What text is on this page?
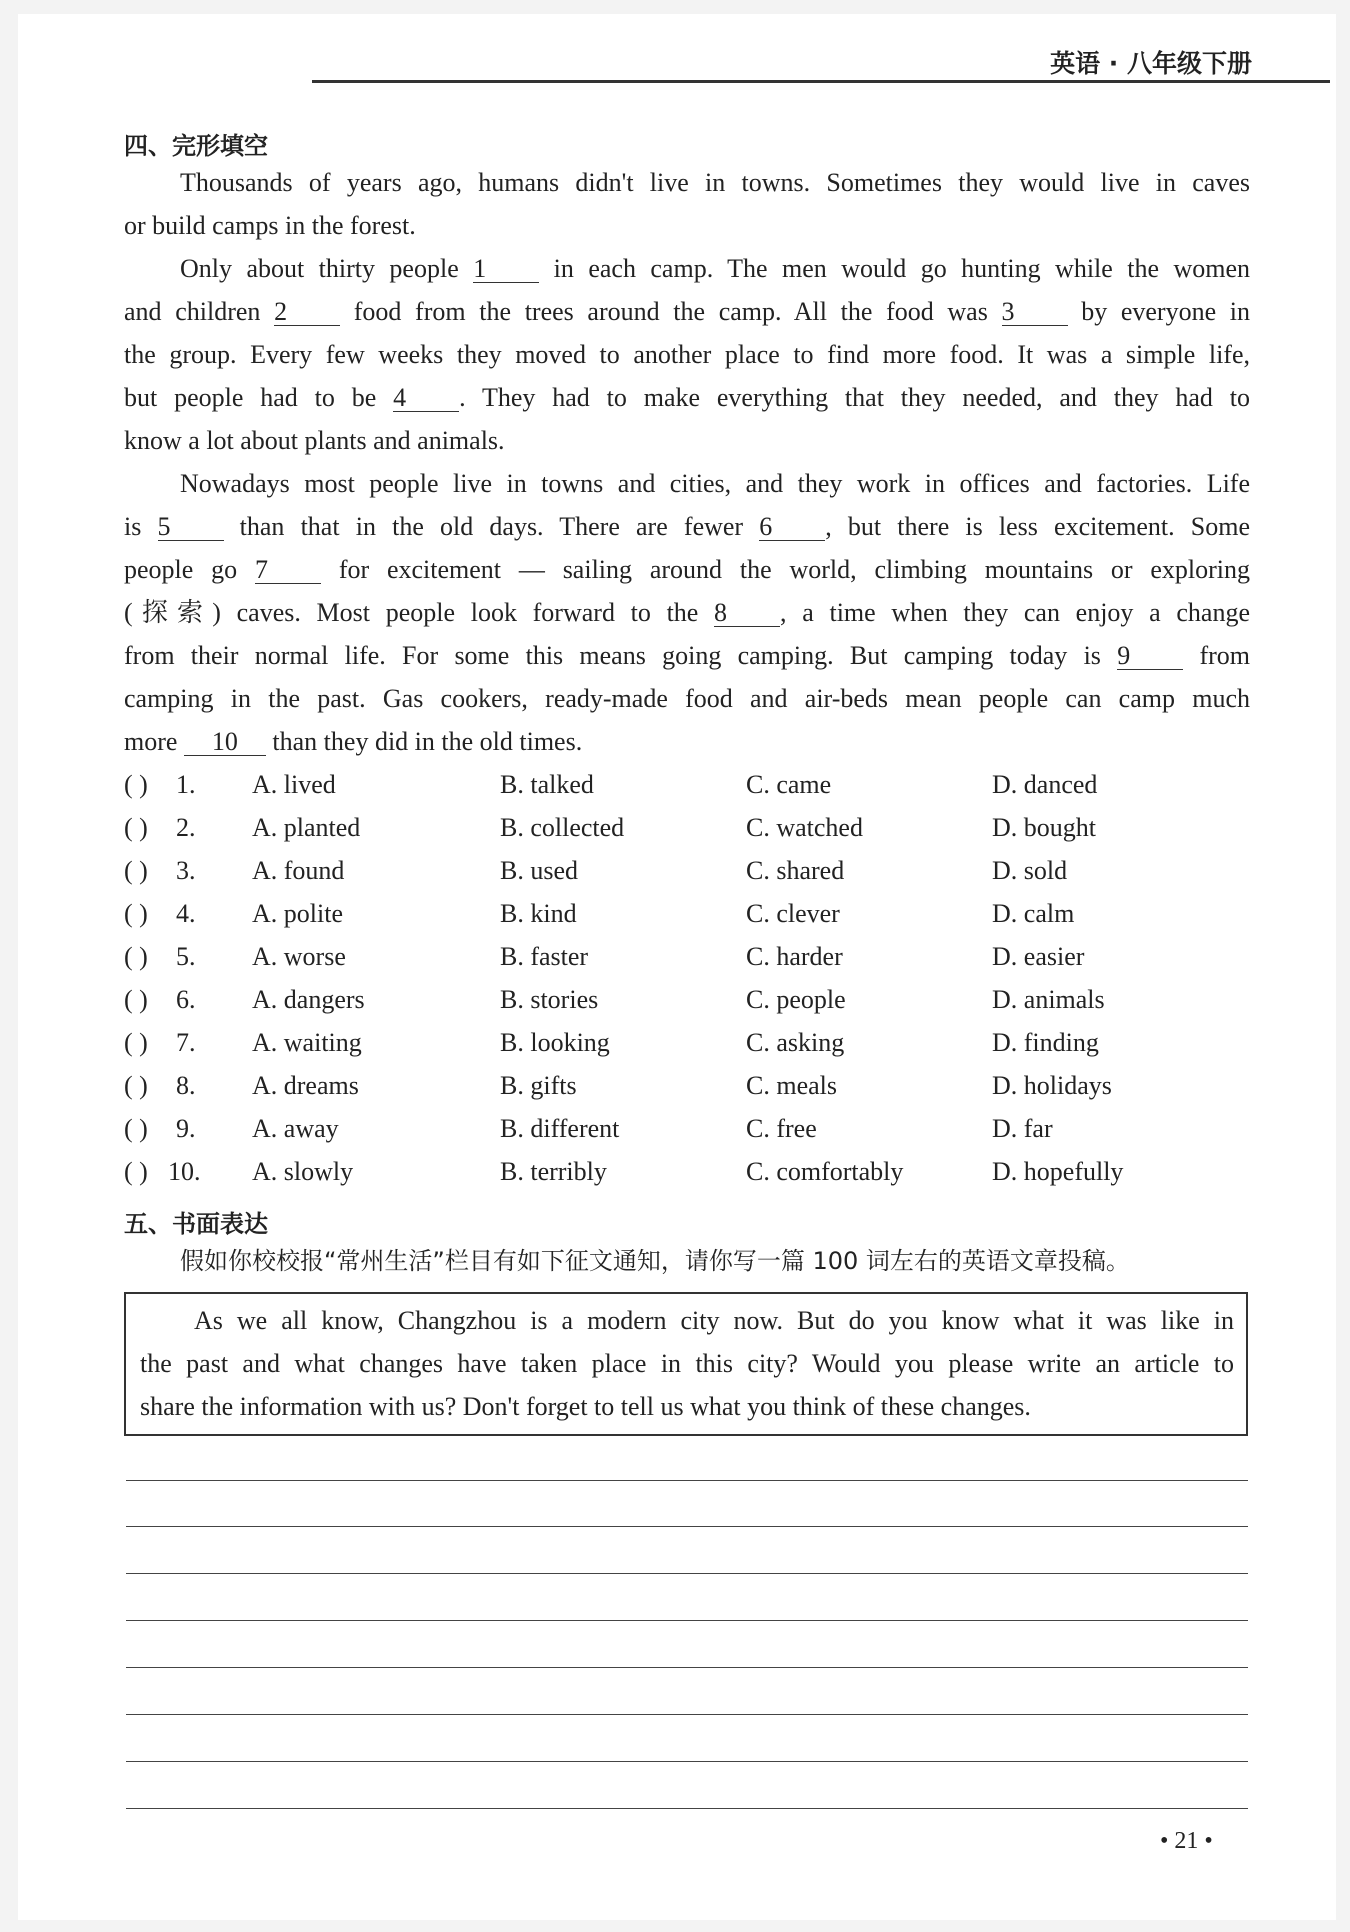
英语 · 八年级下册
四、完形填空
Thousands of years ago, humans didn't live in towns. Sometimes they would live in caves
or build camps in the forest.
Only about thirty people 1	in each camp. The men would go hunting while the women
and children 2	food from the trees around the camp. All the food was 3	by everyone in
the group. Every few weeks they moved to another place to find more food. It was a simple life,
but people had to be 4 . They had to make everything that they needed, and they had to
know a lot about plants and animals.
Nowadays most people live in towns and cities, and they work in offices and factories. Life
is 5	than that in the old days. There are fewer 6 , but there is less excitement. Some
people go 7	for excitement — sailing around the world, climbing mountains or exploring
(探索) caves. Most people look forward to the 8 , a time when they can enjoy a change
from their normal life. For some this means going camping. But camping today is 9	from
camping in the past. Gas cookers, ready-made food and air-beds mean people can camp much
more 10 than they did in the old times.
( ) 1. A. lived	B. talked	C. came	D. danced
( ) 2. A. planted	B. collected	C. watched	D. bought
( ) 3. A. found	B. used	C. shared	D. sold
( ) 4. A. polite	B. kind	C. clever	D. calm
( ) 5. A. worse	B. faster	C. harder	D. easier
( ) 6. A. dangers	B. stories	C. people	D. animals
( ) 7. A. waiting	B. looking	C. asking	D. finding
( ) 8. A. dreams	B. gifts	C. meals	D. holidays
( ) 9. A. away	B. different	C. free	D. far
( ) 10. A. slowly	B. terribly	C. comfortably	D. hopefully
五、书面表达
假如你校校报“常州生活”栏目有如下征文通知，请你写一篇 100 词左右的英语文章投稿。
As we all know, Changzhou is a modern city now. But do you know what it was like in
the past and what changes have taken place in this city? Would you please write an article to
share the information with us? Don't forget to tell us what you think of these changes.
• 21 •
